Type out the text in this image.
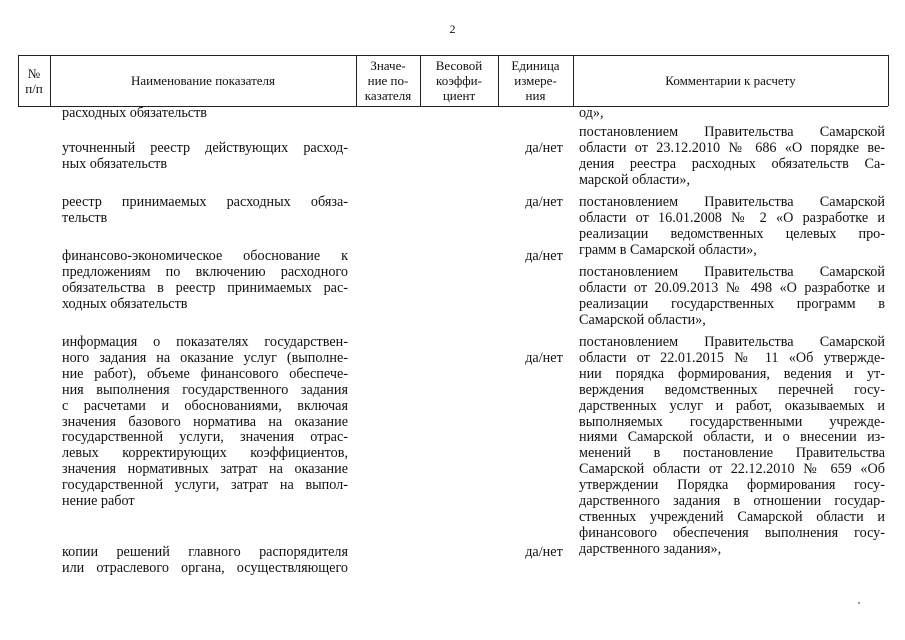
2
№
п/п	Наименование показателя
Значе-
ние по-
казателя
Весовой
коэффи-
циент
Единица
измере-
ния
Комментарии к расчету
расходных обязательств	од»,
уточненный реестр действующих расход-
ных обязательств
да/нет
постановлением Правительства Самарской
области от 23.12.2010 № 686 «О порядке ве-
дения реестра расходных обязательств Са-
марской области»,
реестр принимаемых расходных обяза-
тельств
да/нет постановлением Правительства Самарской
области от 16.01.2008 № 2 «О разработке и
реализации ведомственных целевых про-
грамм в Самарской области»,
финансово-экономическое обоснование к
предложениям по включению расходного
обязательства в реестр принимаемых рас-
ходных обязательств
да/нет
постановлением Правительства Самарской
области от 20.09.2013 № 498 «О разработке и
реализации государственных программ в
Самарской области»,
информация о показателях государствен-
ного задания на оказание услуг (выполне-
ние работ), объеме финансового обеспече-
ния выполнения государственного задания
с расчетами и обоснованиями, включая
значения базового норматива на оказание
государственной услуги, значения отрас-
левых корректирующих коэффициентов,
значения нормативных затрат на оказание
государственной услуги, затрат на выпол-
нение работ
да/нет
постановлением Правительства Самарской
области от 22.01.2015 № 11 «Об утвержде-
нии порядка формирования, ведения и ут-
верждения ведомственных перечней госу-
дарственных услуг и работ, оказываемых и
выполняемых государственными учрежде-
ниями Самарской области, и о внесении из-
менений в постановление Правительства
Самарской области от 22.12.2010 № 659 «Об
утверждении Порядка формирования госу-
дарственного задания в отношении государ-
ственных учреждений Самарской области и
финансового обеспечения выполнения госу-
дарственного задания»,
копии решений главного распорядителя
или отраслевого органа, осуществляющего
да/нет
